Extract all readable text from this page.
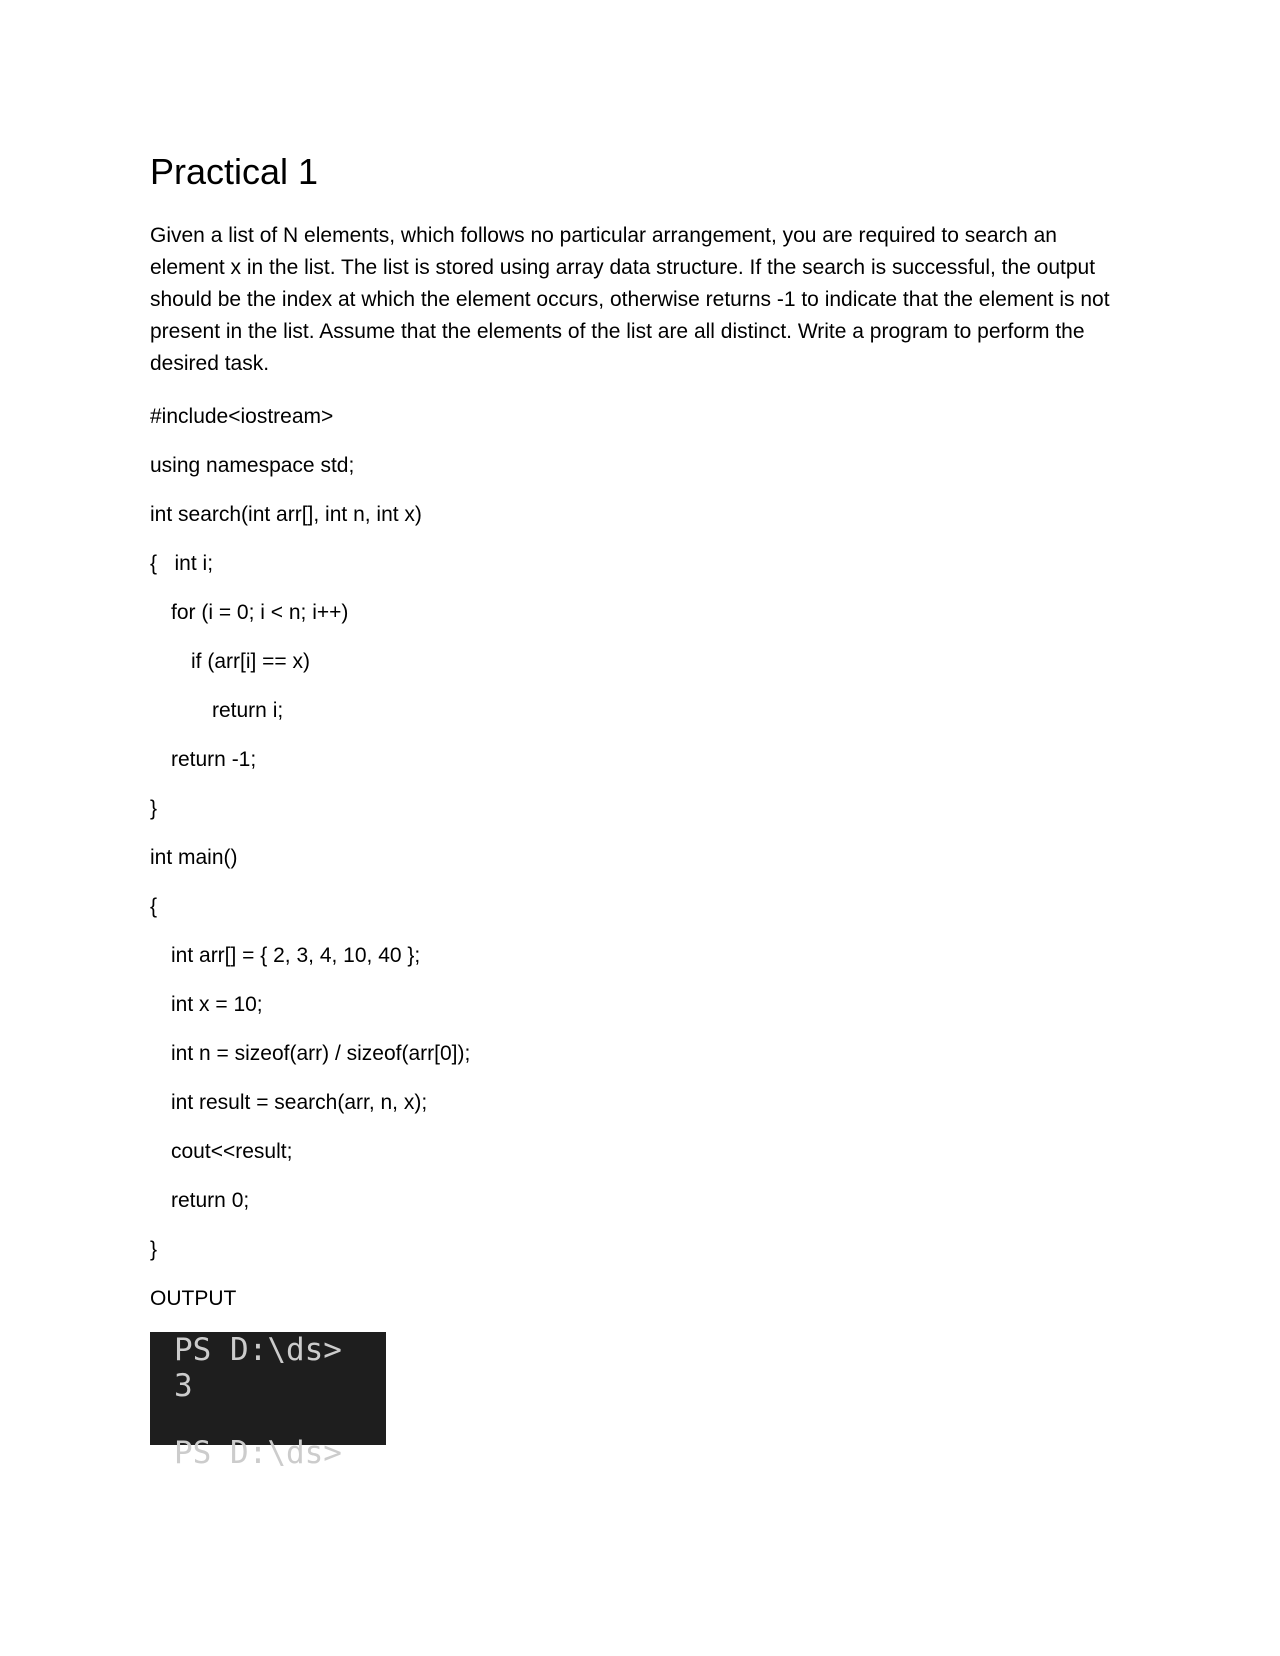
Practical 1

Given a list of N elements, which follows no particular arrangement, you are required to search an element x in the list. The list is stored using array data structure. If the search is successful, the output should be the index at which the element occurs, otherwise returns -1 to indicate that the element is not present in the list. Assume that the elements of the list are all distinct. Write a program to perform the desired task.

#include<iostream>
using namespace std;
int search(int arr[], int n, int x)
{   int i;
for (i = 0; i < n; i++)
if (arr[i] == x)
return i;
return -1;
}
int main()
{
int arr[] = { 2, 3, 4, 10, 40 };
int x = 10;
int n = sizeof(arr) / sizeof(arr[0]);
int result = search(arr, n, x);
cout<<result;
return 0;
}
OUTPUT
PS D:\ds>
3
PS D:\ds>
